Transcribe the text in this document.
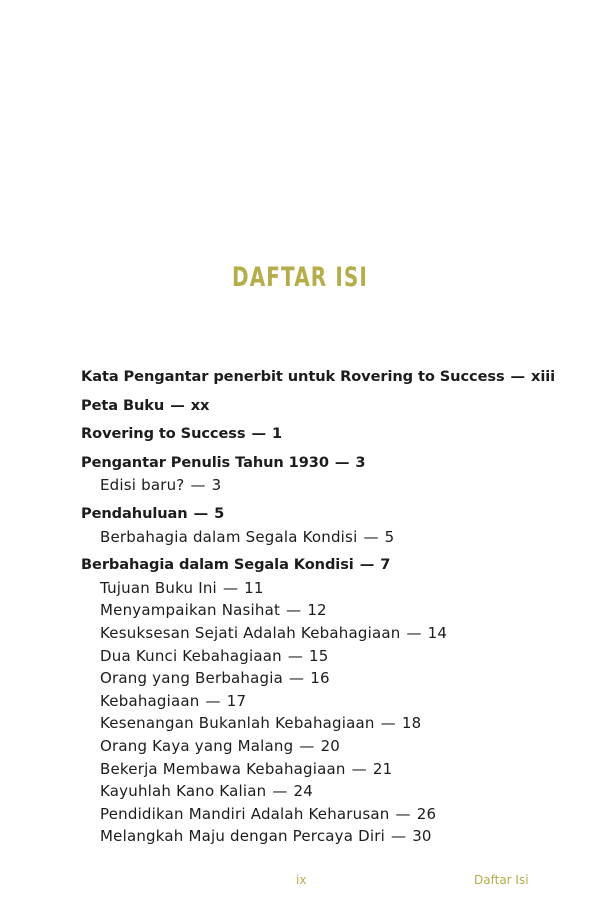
DAFTAR ISI
Kata Pengantar penerbit untuk Rovering to Success — xiii
Peta Buku — xx
Rovering to Success — 1
Pengantar Penulis Tahun 1930 — 3
Edisi baru? — 3
Pendahuluan — 5
Berbahagia dalam Segala Kondisi — 5
Berbahagia dalam Segala Kondisi — 7
Tujuan Buku Ini — 11
Menyampaikan Nasihat — 12
Kesuksesan Sejati Adalah Kebahagiaan — 14
Dua Kunci Kebahagiaan — 15
Orang yang Berbahagia — 16
Kebahagiaan — 17
Kesenangan Bukanlah Kebahagiaan — 18
Orang Kaya yang Malang — 20
Bekerja Membawa Kebahagiaan — 21
Kayuhlah Kano Kalian — 24
Pendidikan Mandiri Adalah Keharusan — 26
Melangkah Maju dengan Percaya Diri — 30
ix	Daftar Isi
